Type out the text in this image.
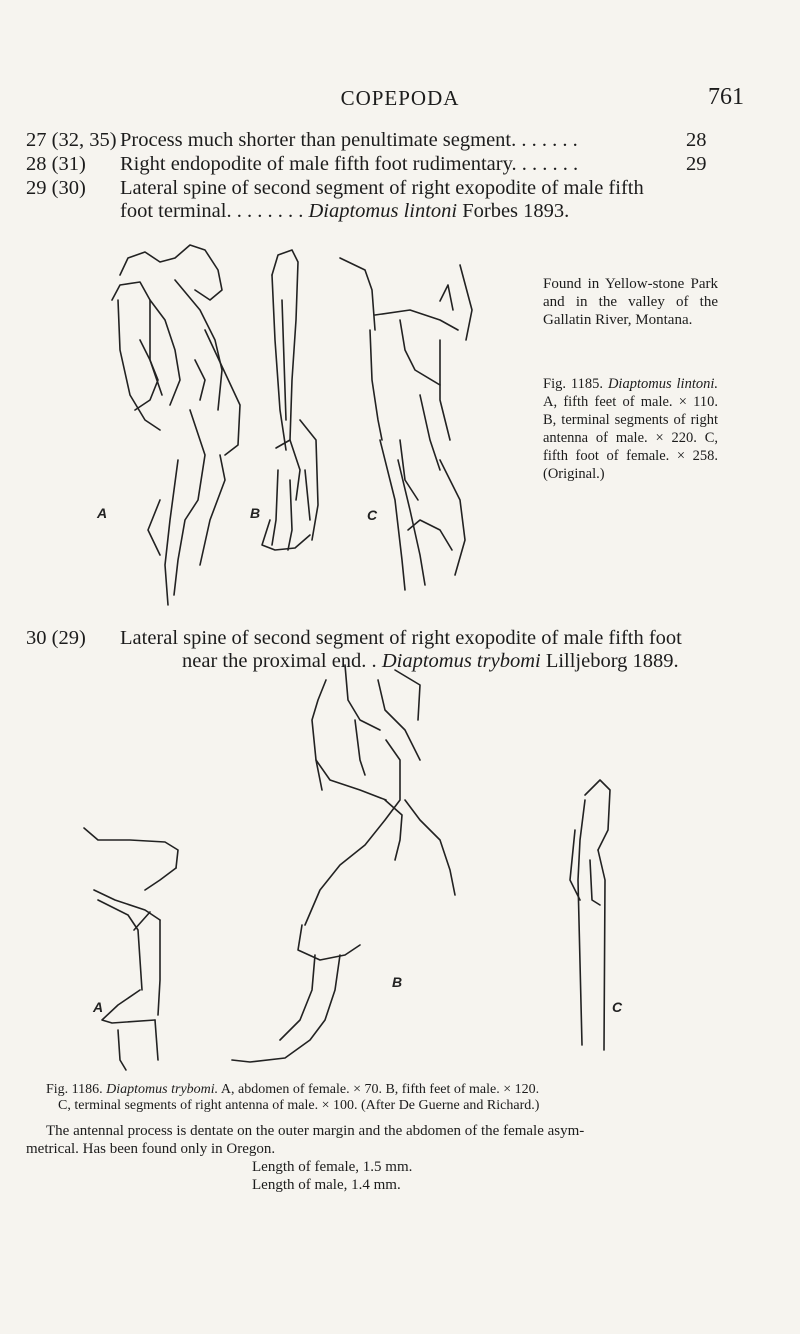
COPEPODA	761
27 (32, 35) Process much shorter than penultimate segment. . . . . . .	28
28 (31) Right endopodite of male fifth foot rudimentary. . . . . . .	29
29 (30) Lateral spine of second segment of right exopodite of male fifth
foot terminal. . . . . . . . Diaptomus lintoni Forbes 1893.
A	B	C
A
B
C
Found in Yellow-stone Park and in the valley of the Gallatin River, Montana.
Fig. 1185. Diaptomus lintoni. A, fifth feet of male. × 110. B, terminal segments of right antenna of male. × 220. C, fifth foot of female. × 258. (Original.)
30 (29) Lateral spine of second segment of right exopodite of male fifth foot
near the proximal end. . Diaptomus trybomi Lilljeborg 1889.
Fig. 1186. Diaptomus trybomi. A, abdomen of female. × 70. B, fifth feet of male. × 120.
C, terminal segments of right antenna of male. × 100. (After De Guerne and Richard.)
The antennal process is dentate on the outer margin and the abdomen of the female asym-
metrical. Has been found only in Oregon.
Length of female, 1.5 mm.
Length of male, 1.4 mm.
